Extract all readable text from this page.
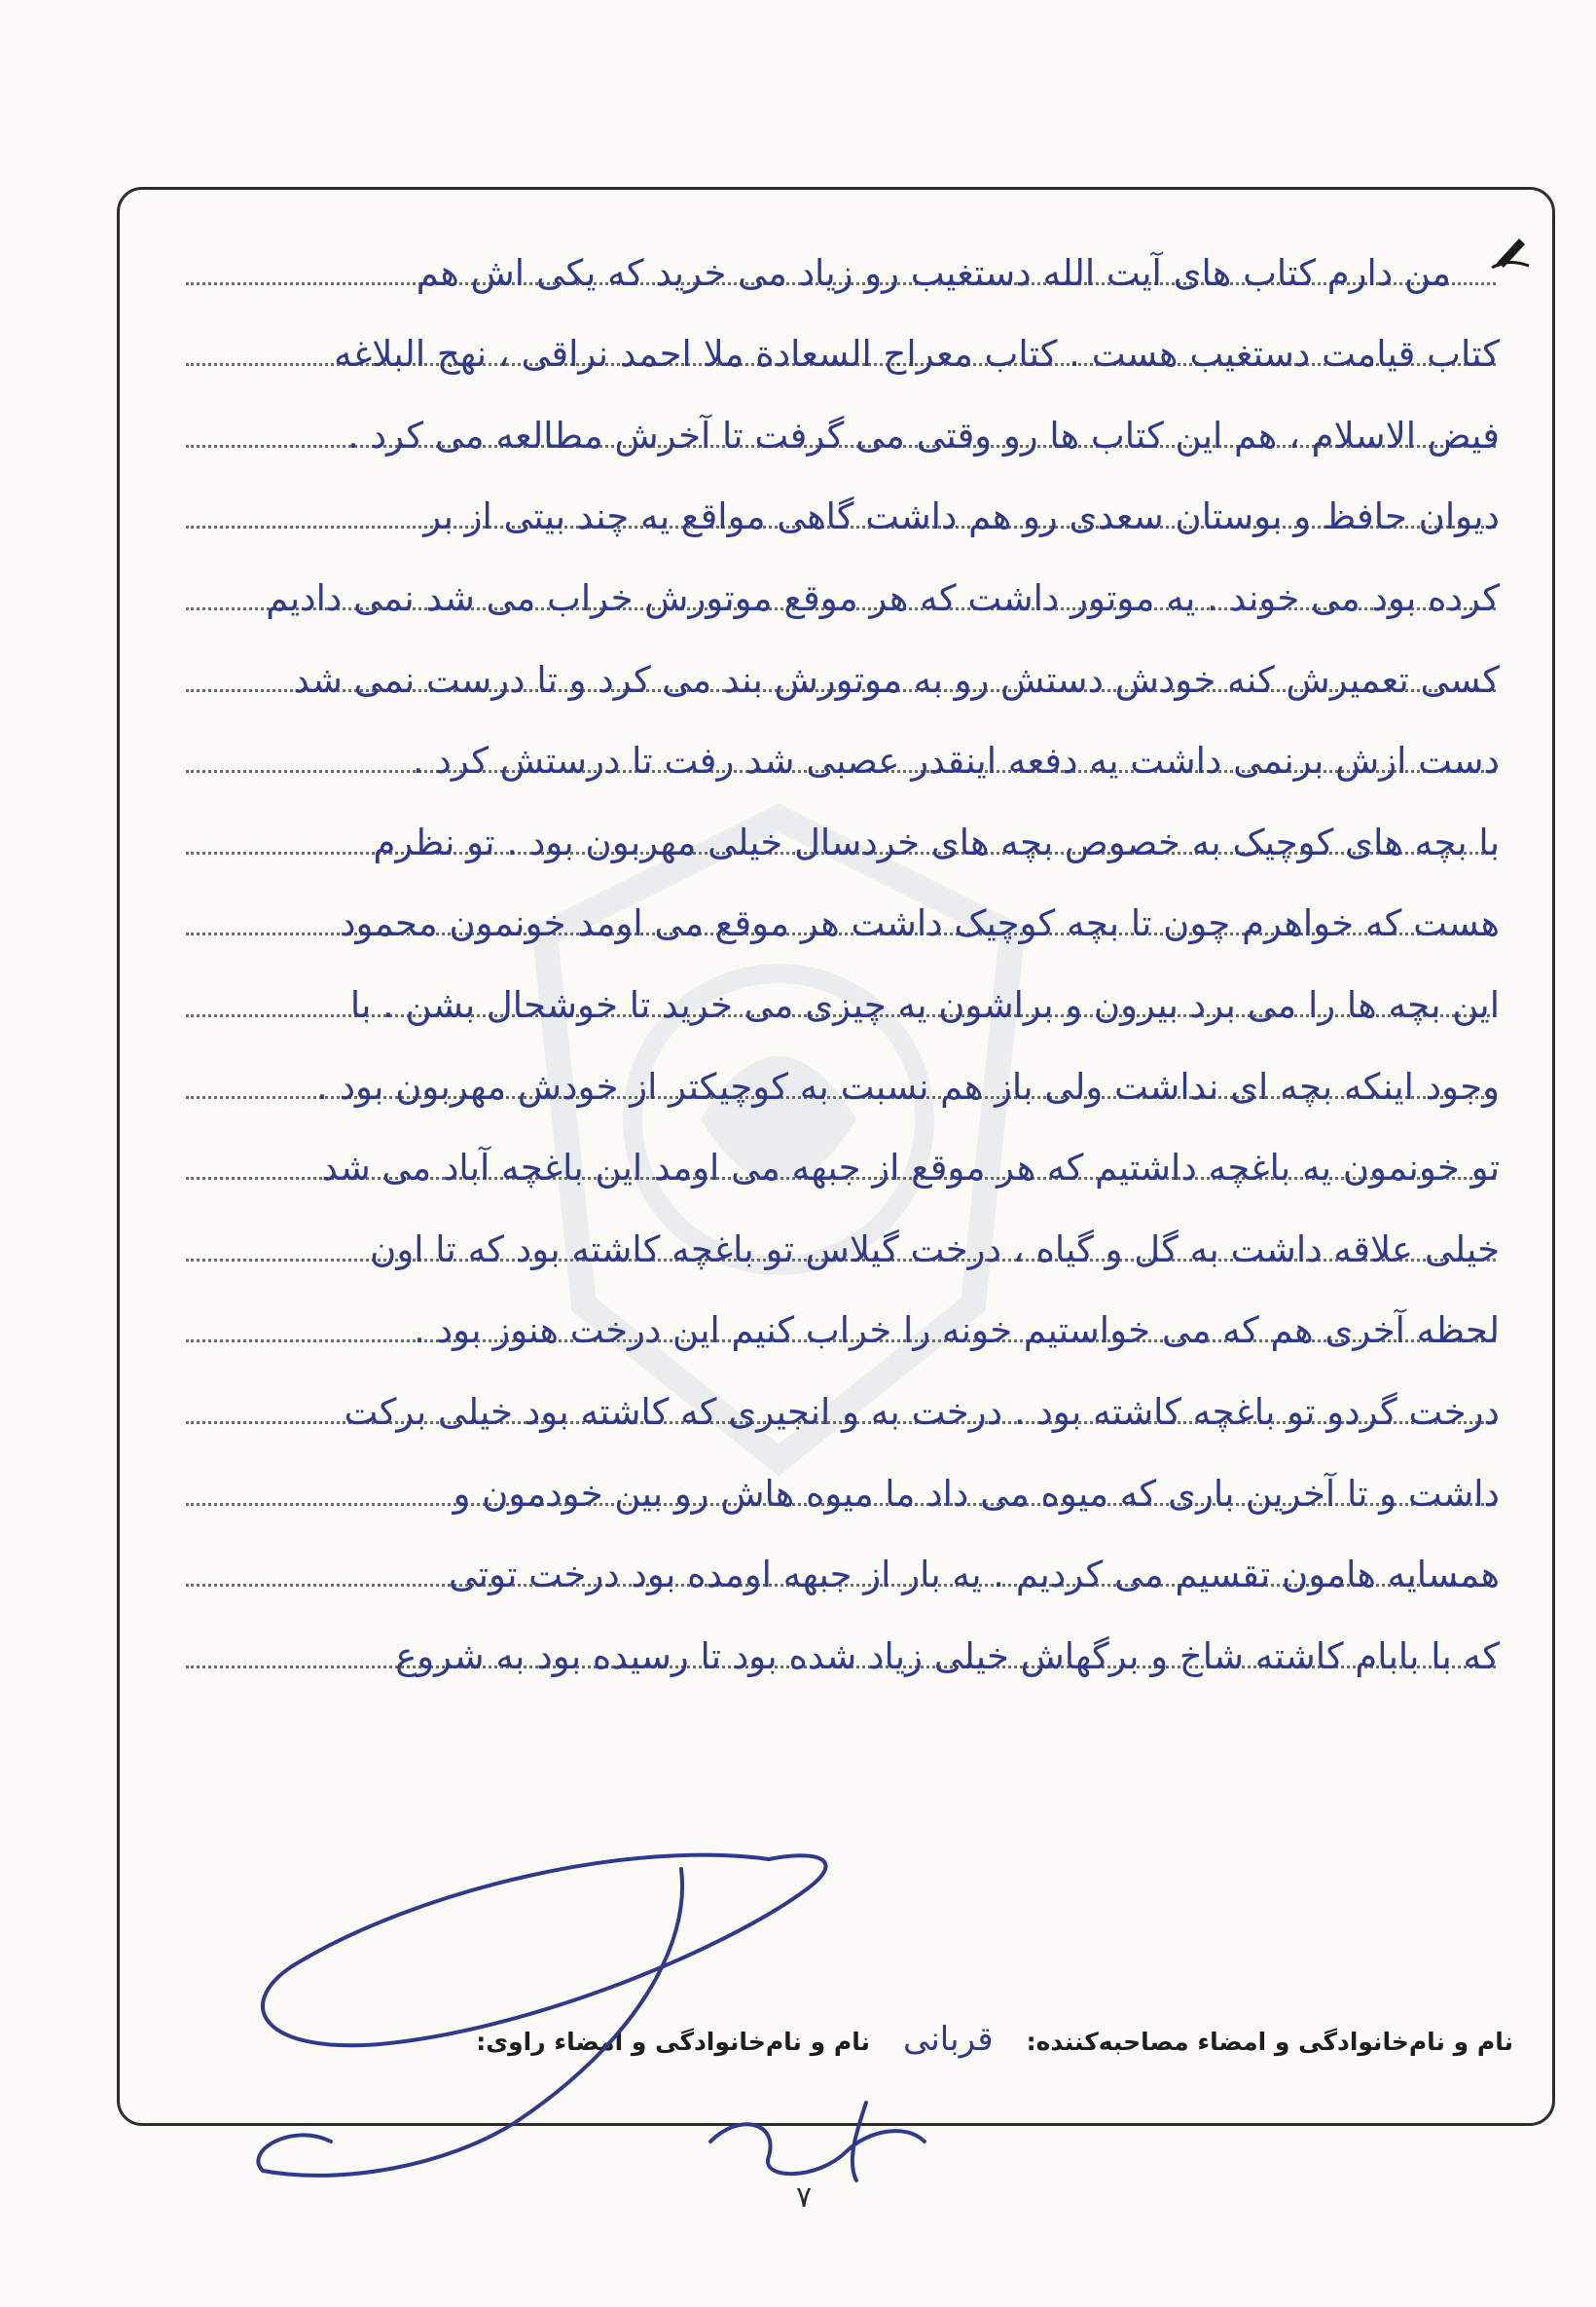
من دارم کتاب های آیت الله دستغیب رو زیاد می خرید که یکی اش هم
کتاب قیامت دستغیب هست . کتاب معراج السعادة ملا احمد نراقی ، نهج البلاغه
فیض الاسلام ، هم این کتاب ها رو وقتی می گرفت تا آخرش مطالعه می کرد .
دیوان حافظ و بوستان سعدی رو هم داشت گاهی مواقع یه چند بیتی از بر
کرده بود می خوند . یه موتور داشت که هر موقع موتورش خراب می شد نمی دادیم
کسی تعمیرش کنه خودش دستش رو به موتورش بند می کرد و تا درست نمی شد
دست ازش برنمی داشت یه دفعه اینقدر عصبی شد رفت تا درستش کرد .
با بچه های کوچیک به خصوص بچه های خردسال خیلی مهربون بود . تو نظرم
هست که خواهرم چون تا بچه کوچیک داشت هر موقع می اومد خونمون محمود
این بچه ها را می برد بیرون و براشون یه چیزی می خرید تا خوشحال بشن . با
وجود اینکه بچه ای نداشت ولی باز هم نسبت به کوچیکتر از خودش مهربون بود .
تو خونمون یه باغچه داشتیم که هر موقع از جبهه می اومد این باغچه آباد می شد
خیلی علاقه داشت به گل و گیاه ، درخت گیلاس تو باغچه کاشته بود که تا اون
لحظه آخری هم که می خواستیم خونه را خراب کنیم این درخت هنوز بود .
درخت گردو تو باغچه کاشته بود . درخت به و انجیری که کاشته بود خیلی برکت
داشت و تا آخرین باری که میوه می داد ما میوه هاش رو بین خودمون و
همسایه هامون تقسیم می کردیم . یه بار از جبهه اومده بود درخت توتی
که با بابام کاشته شاخ و برگهاش خیلی زیاد شده بود تا رسیده بود به شروع
نام و نام‌خانوادگی و امضاء مصاحبه‌کننده:
قربانی
نام و نام‌خانوادگی و امضاء راوی:
۷
